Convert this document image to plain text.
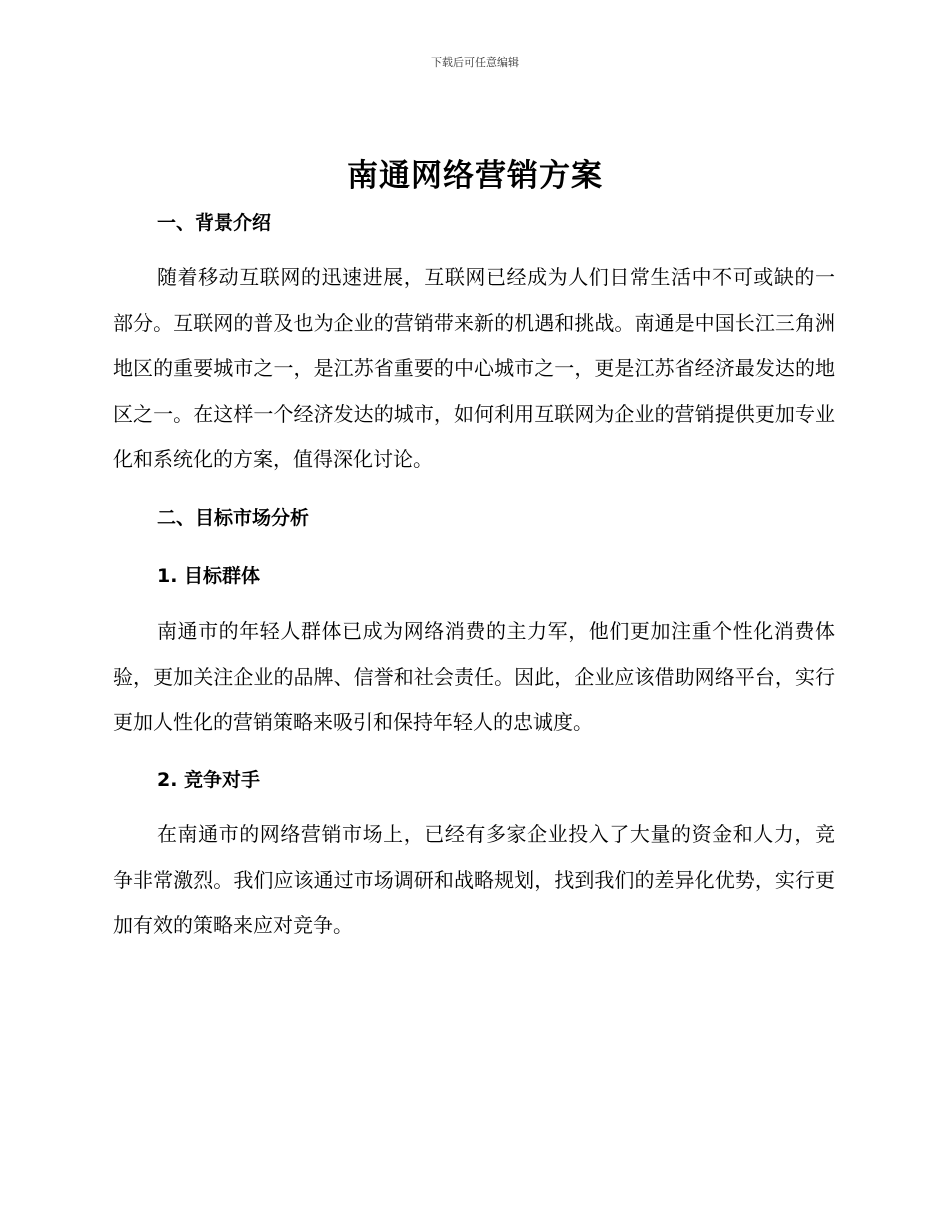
下载后可任意编辑
南通网络营销方案
一、背景介绍

随着移动互联网的迅速进展，互联网已经成为人们日常生活中不可或缺的一部分。互联网的普及也为企业的营销带来新的机遇和挑战。南通是中国长江三角洲地区的重要城市之一，是江苏省重要的中心城市之一，更是江苏省经济最发达的地区之一。在这样一个经济发达的城市，如何利用互联网为企业的营销提供更加专业化和系统化的方案，值得深化讨论。

二、目标市场分析
1. 目标群体

南通市的年轻人群体已成为网络消费的主力军，他们更加注重个性化消费体验，更加关注企业的品牌、信誉和社会责任。因此，企业应该借助网络平台，实行更加人性化的营销策略来吸引和保持年轻人的忠诚度。

2. 竞争对手

在南通市的网络营销市场上，已经有多家企业投入了大量的资金和人力，竞争非常激烈。我们应该通过市场调研和战略规划，找到我们的差异化优势，实行更加有效的策略来应对竞争。
